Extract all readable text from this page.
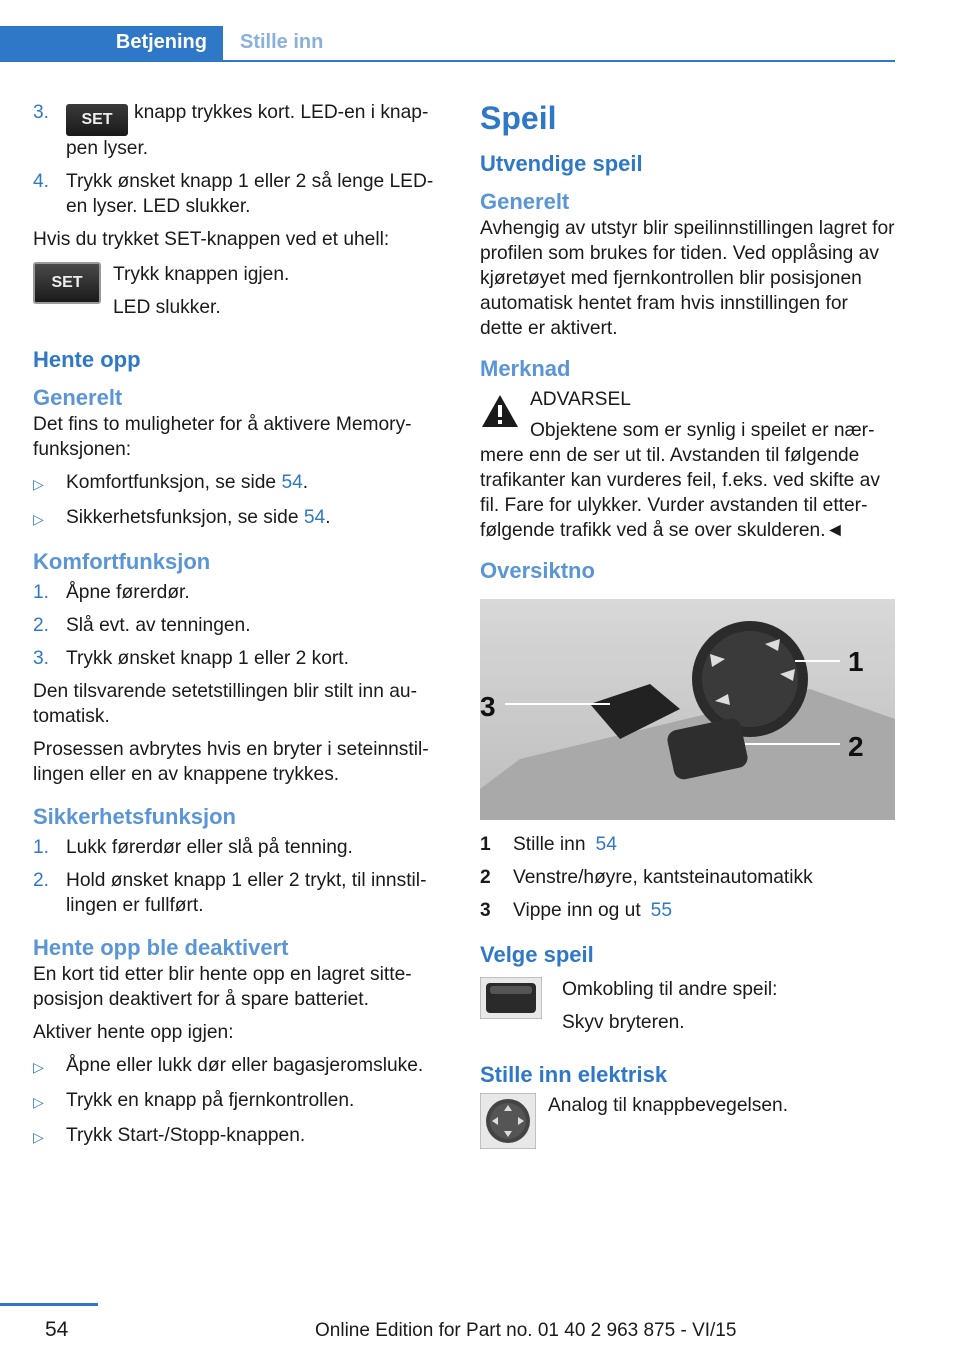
Betjening Stille inn
3.	SET knapp trykkes kort. LED-en i knappen lyser.
4. Trykk ønsket knapp 1 eller 2 så lenge LED-en lyser. LED slukker.

Hvis du trykket SET-knappen ved et uhell:

SET	Trykk knappen igjen.

LED slukker.

Hente opp

Generelt

Det fins to muligheter for å aktivere Memory-funksjonen:

▷	Komfortfunksjon, se side 54.
▷	Sikkerhetsfunksjon, se side 54.

Komfortfunksjon

1. Åpne førerdør.
2. Slå evt. av tenningen.
3. Trykk ønsket knapp 1 eller 2 kort.

Den tilsvarende setetstillingen blir stilt inn automatisk.

Prosessen avbrytes hvis en bryter i seteinnstillingen eller en av knappene trykkes.

Sikkerhetsfunksjon

1. Lukk førerdør eller slå på tenning.
2. Hold ønsket knapp 1 eller 2 trykt, til innstillingen er fullført.

Hente opp ble deaktivert

En kort tid etter blir hente opp en lagret sitteposisjon deaktivert for å spare batteriet.

Aktiver hente opp igjen:

▷	Åpne eller lukk dør eller bagasjeromsluke.
▷	Trykk en knapp på fjernkontrollen.
▷	Trykk Start-/Stopp-knappen.

Speil

Utvendige speil

Generelt

Avhengig av utstyr blir speilinnstillingen lagret for profilen som brukes for tiden. Ved opplåsing av kjøretøyet med fjernkontrollen blir posisjonen automatisk hentet fram hvis innstillingen for dette er aktivert.

Merknad

ADVARSEL

Objektene som er synlig i speilet er nærmere enn de ser ut til. Avstanden til følgende trafikanter kan vurderes feil, f.eks. ved skifte av fil. Fare for ulykker. Vurder avstanden til etterfølgende trafikk ved å se over skulderen.◄

Oversiktno

1
2
3
1	Stille inn 54
2	Venstre/høyre, kantsteinautomatikk
3	Vippe inn og ut 55

Velge speil

Omkobling til andre speil:

Skyv bryteren.

Stille inn elektrisk

Analog til knappbevegelsen.

54	Online Edition for Part no. 01 40 2 963 875 - VI/15
